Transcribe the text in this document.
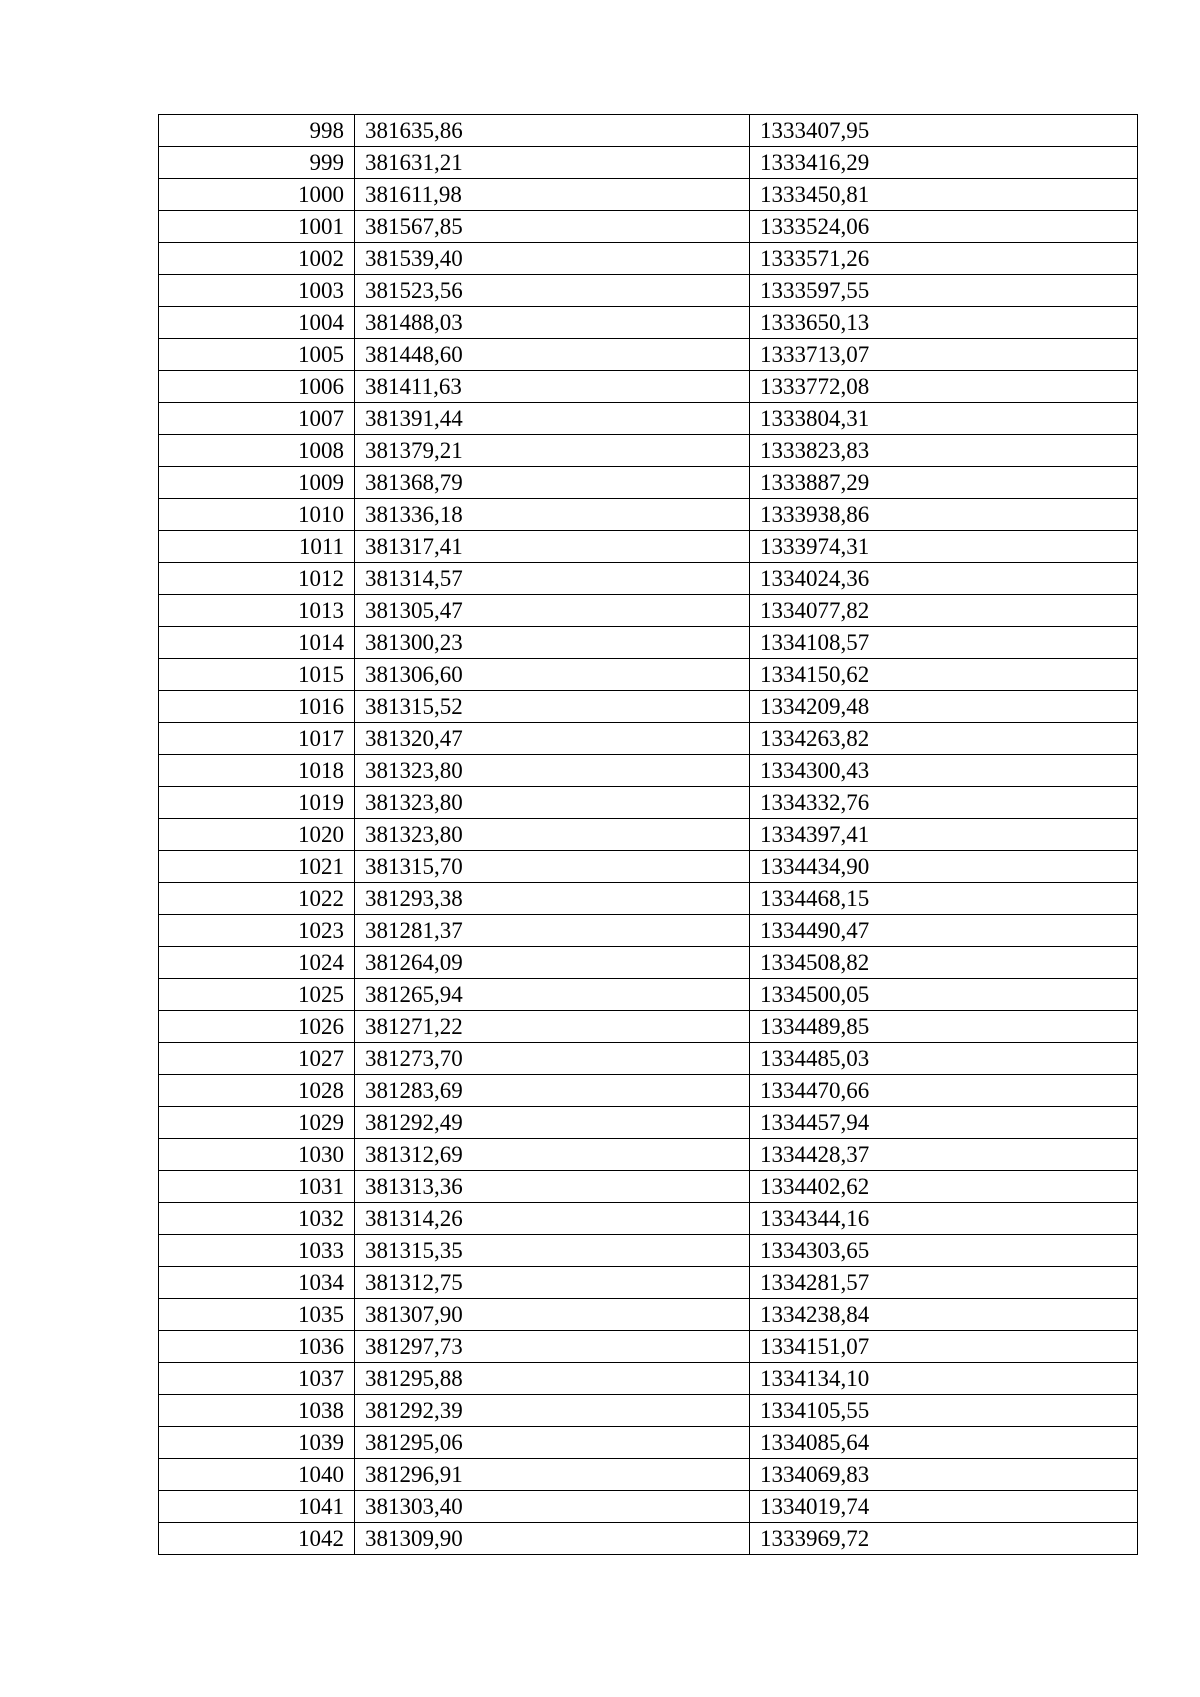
998	381635,86	1333407,95
999	381631,21	1333416,29
1000	381611,98	1333450,81
1001	381567,85	1333524,06
1002	381539,40	1333571,26
1003	381523,56	1333597,55
1004	381488,03	1333650,13
1005	381448,60	1333713,07
1006	381411,63	1333772,08
1007	381391,44	1333804,31
1008	381379,21	1333823,83
1009	381368,79	1333887,29
1010	381336,18	1333938,86
1011	381317,41	1333974,31
1012	381314,57	1334024,36
1013	381305,47	1334077,82
1014	381300,23	1334108,57
1015	381306,60	1334150,62
1016	381315,52	1334209,48
1017	381320,47	1334263,82
1018	381323,80	1334300,43
1019	381323,80	1334332,76
1020	381323,80	1334397,41
1021	381315,70	1334434,90
1022	381293,38	1334468,15
1023	381281,37	1334490,47
1024	381264,09	1334508,82
1025	381265,94	1334500,05
1026	381271,22	1334489,85
1027	381273,70	1334485,03
1028	381283,69	1334470,66
1029	381292,49	1334457,94
1030	381312,69	1334428,37
1031	381313,36	1334402,62
1032	381314,26	1334344,16
1033	381315,35	1334303,65
1034	381312,75	1334281,57
1035	381307,90	1334238,84
1036	381297,73	1334151,07
1037	381295,88	1334134,10
1038	381292,39	1334105,55
1039	381295,06	1334085,64
1040	381296,91	1334069,83
1041	381303,40	1334019,74
1042	381309,90	1333969,72
